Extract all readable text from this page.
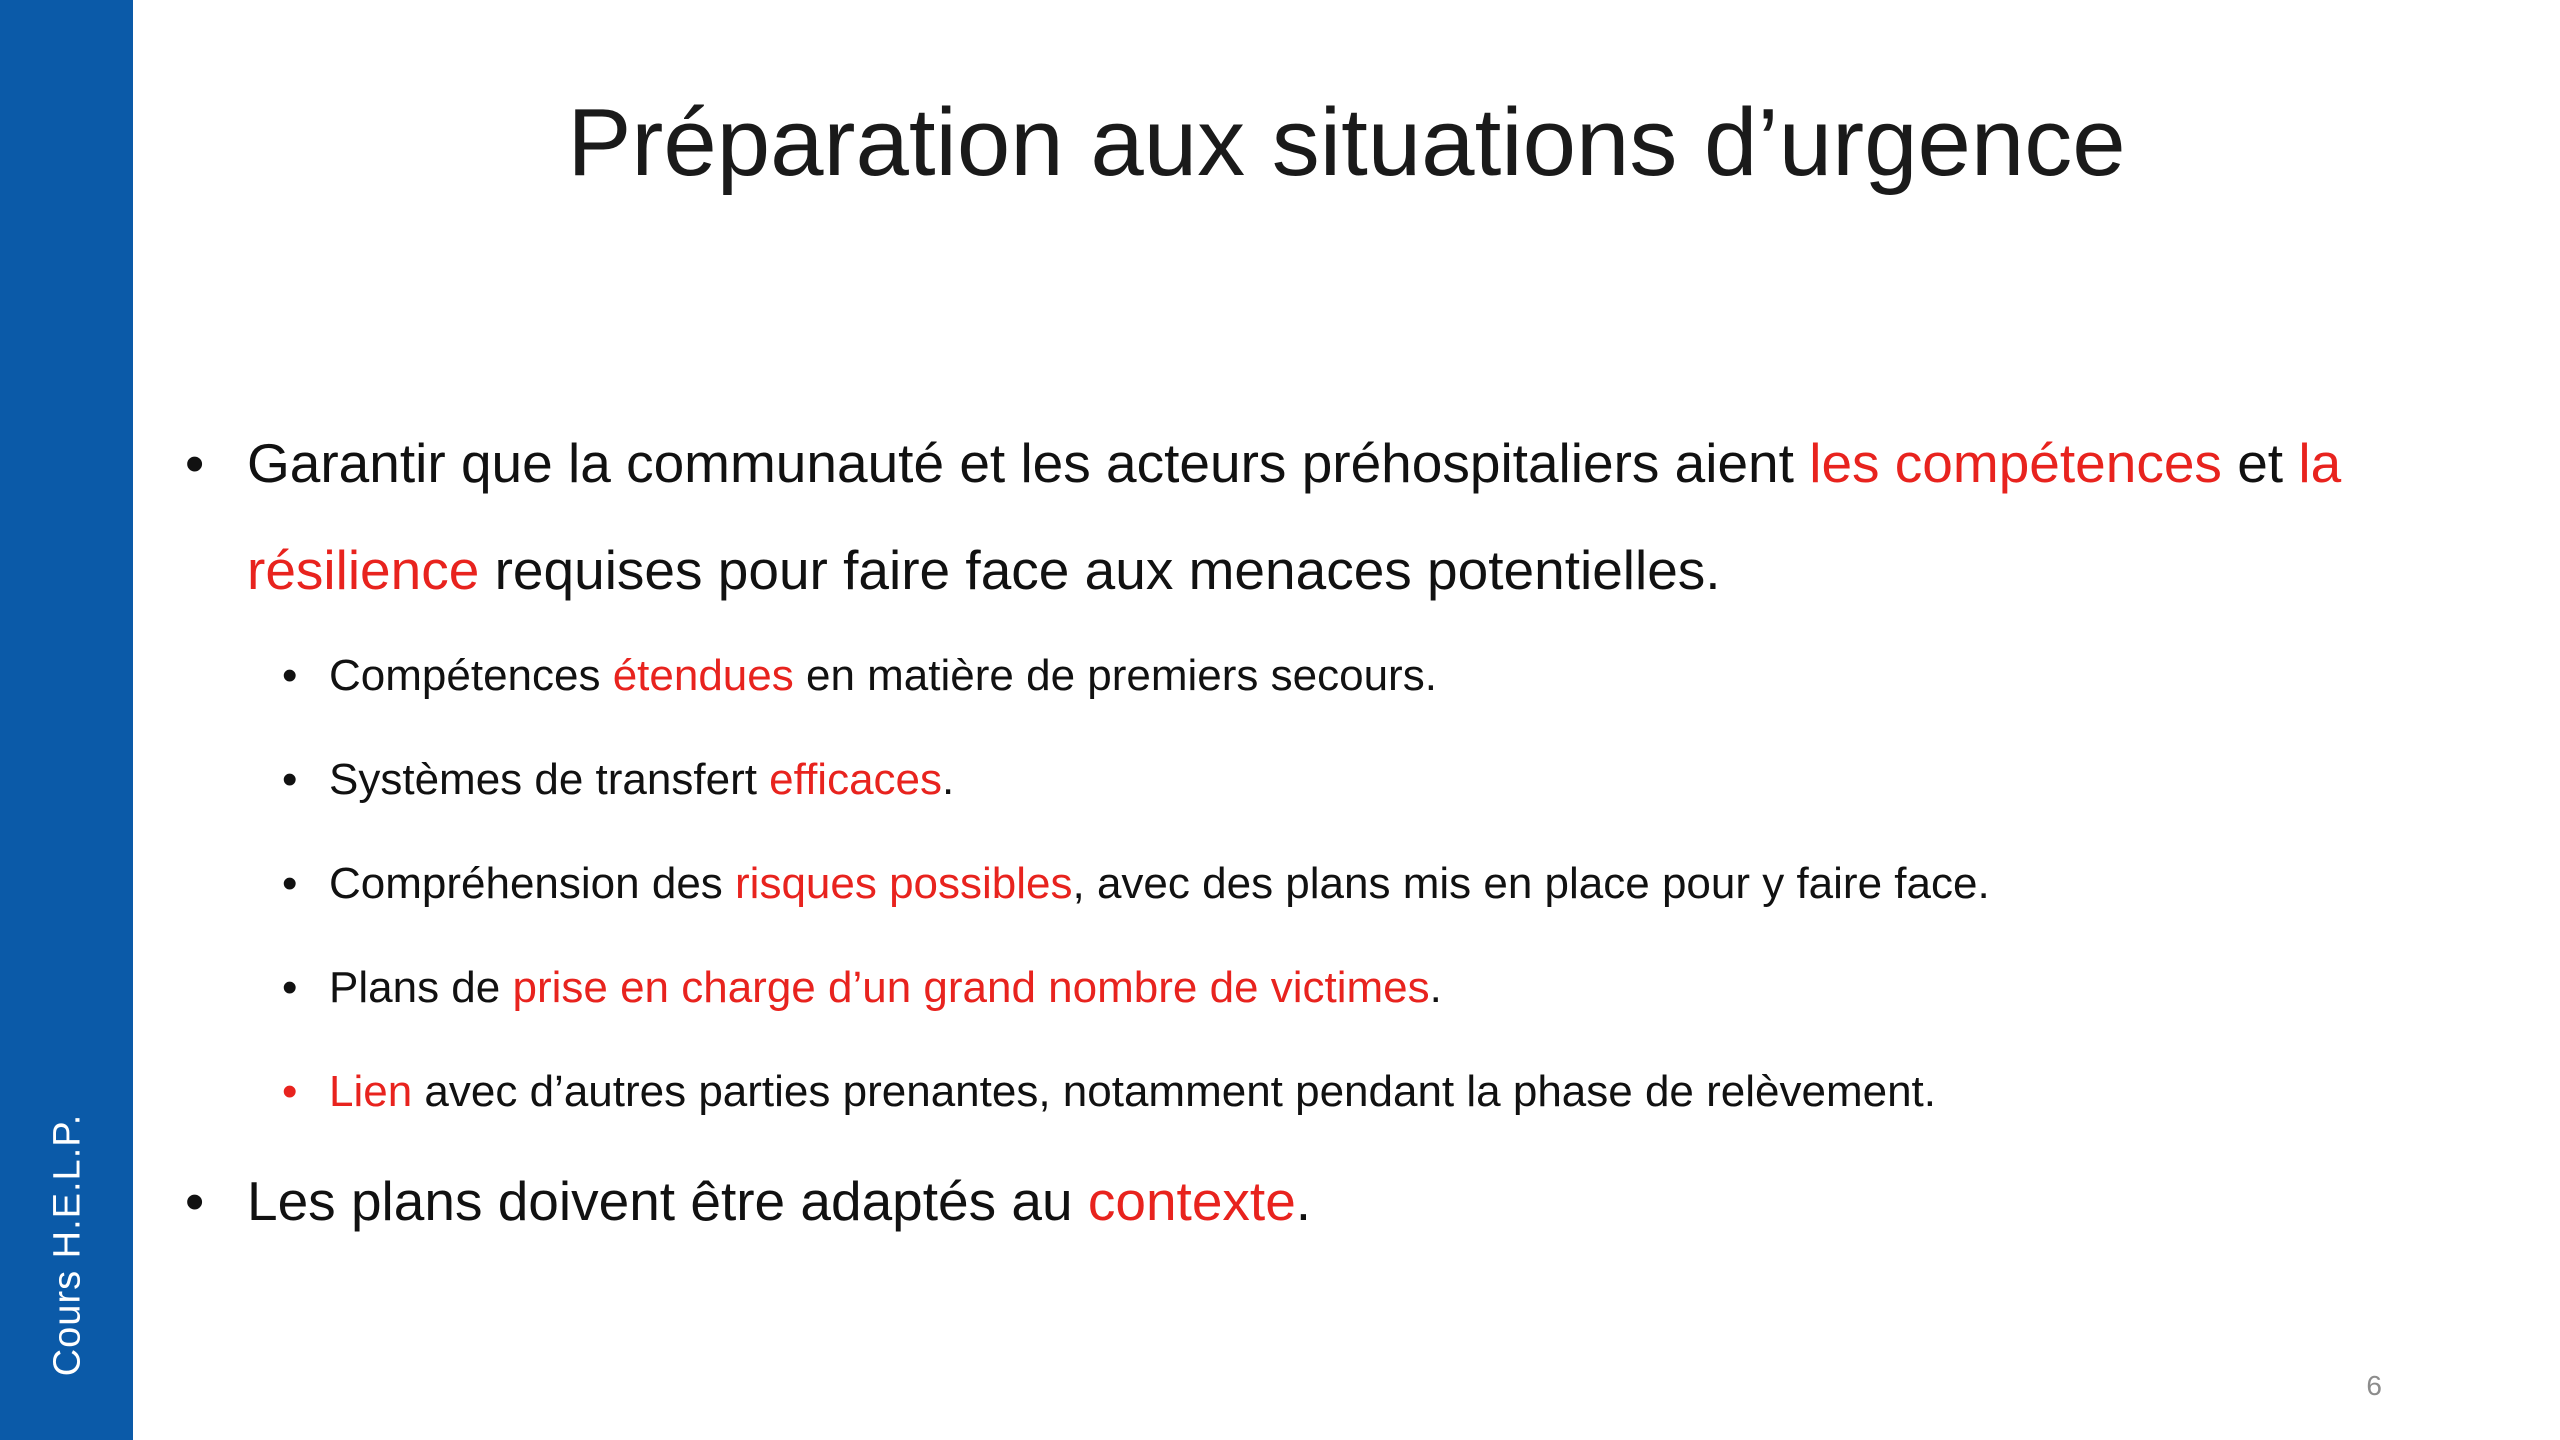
Cours H.E.L.P.
Préparation aux situations d’urgence
• Garantir que la communauté et les acteurs préhospitaliers aient les compétences et la résilience requises pour faire face aux menaces potentielles.
• Compétences étendues en matière de premiers secours.
• Systèmes de transfert efficaces.
• Compréhension des risques possibles, avec des plans mis en place pour y faire face.
• Plans de prise en charge d’un grand nombre de victimes.
• Lien avec d’autres parties prenantes, notamment pendant la phase de relèvement.
• Les plans doivent être adaptés au contexte.
6
